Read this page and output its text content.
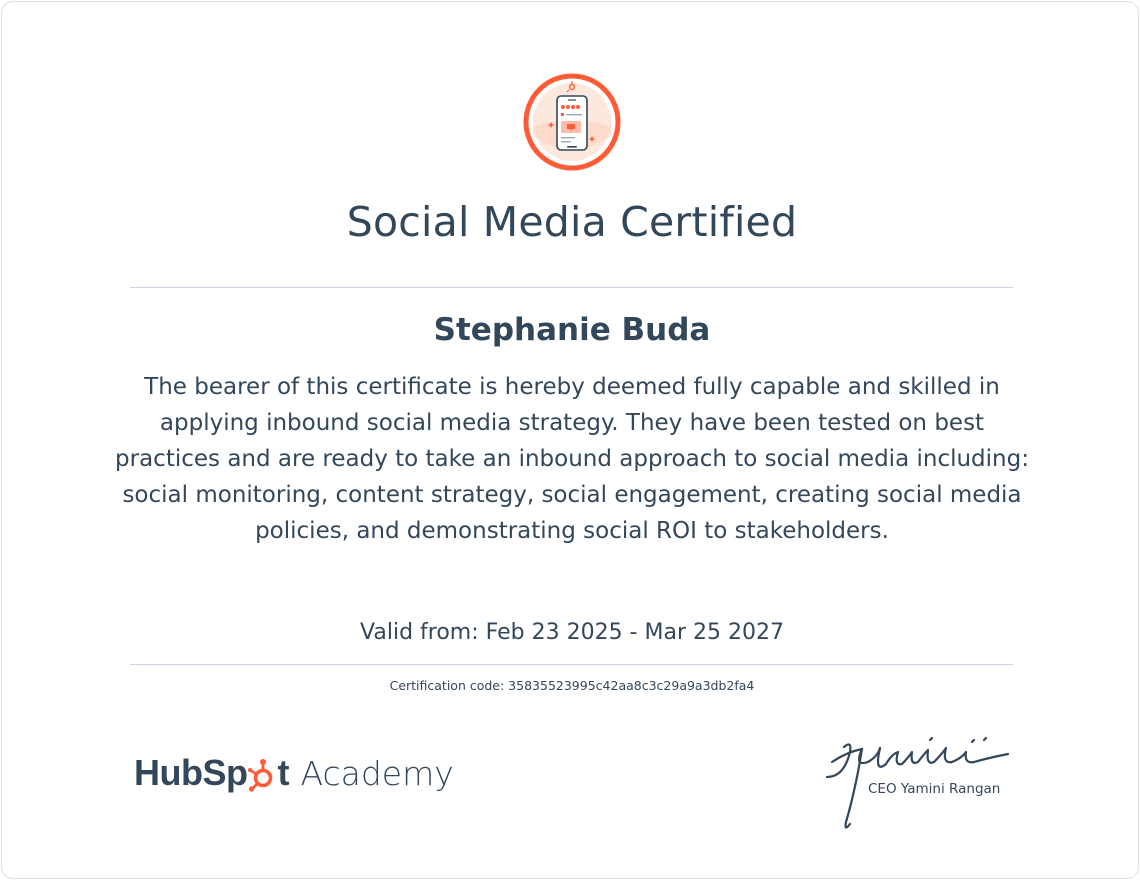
Social Media Certified
Stephanie Buda
The bearer of this certificate is hereby deemed fully capable and skilled in applying inbound social media strategy. They have been tested on best practices and are ready to take an inbound approach to social media including: social monitoring, content strategy, social engagement, creating social media policies, and demonstrating social ROI to stakeholders.
Valid from: Feb 23 2025 - Mar 25 2027
Certification code: 35835523995c42aa8c3c29a9a3db2fa4
HubSp t Academy	CEO Yamini Rangan
